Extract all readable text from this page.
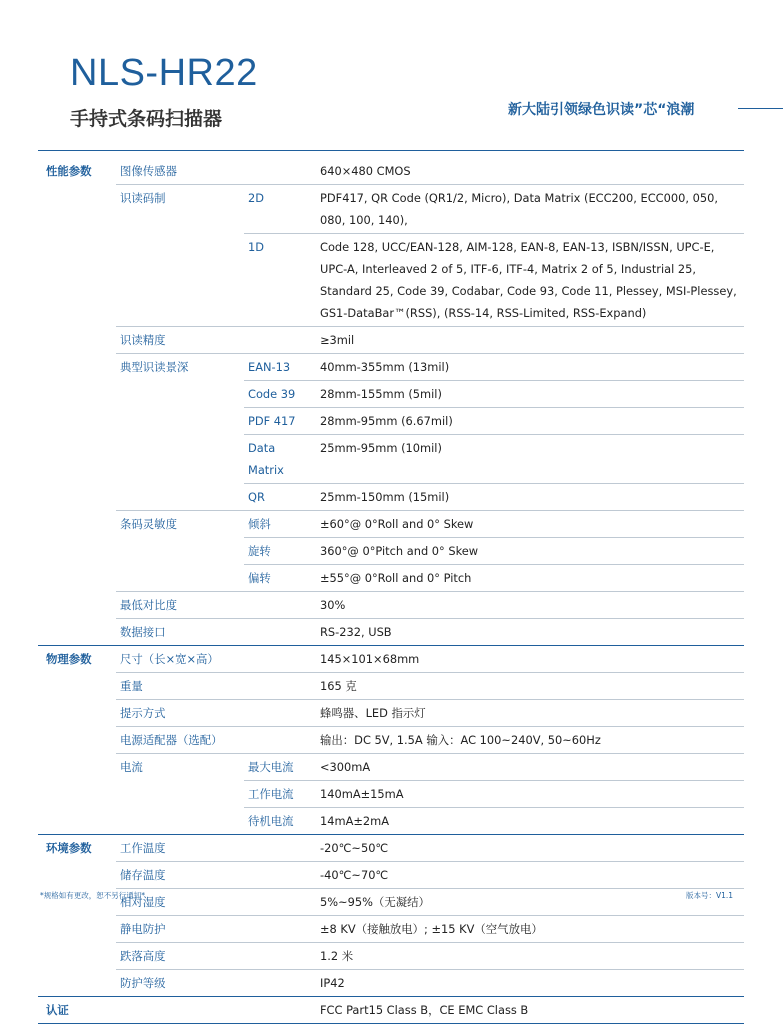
NLS-HR22
手持式条码扫描器	新大陆引领绿色识读”芯“浪潮
性能参数	图像传感器		640×480 CMOS
	识读码制	2D	PDF417, QR Code (QR1/2, Micro), Data Matrix (ECC200, ECC000, 050, 080, 100, 140),
		1D	Code 128, UCC/EAN-128, AIM-128, EAN-8, EAN-13, ISBN/ISSN, UPC-E, UPC-A, Interleaved 2 of 5, ITF-6, ITF-4, Matrix 2 of 5, Industrial 25, Standard 25, Code 39, Codabar, Code 93, Code 11, Plessey, MSI-Plessey, GS1-DataBar™(RSS), (RSS-14, RSS-Limited, RSS-Expand)
	识读精度		≥3mil
	典型识读景深	EAN-13	40mm-355mm (13mil)
		Code 39	28mm-155mm (5mil)
		PDF 417	28mm-95mm (6.67mil)
		Data Matrix	25mm-95mm (10mil)
		QR	25mm-150mm (15mil)
	条码灵敏度	倾斜	±60°@ 0°Roll and 0° Skew
		旋转	360°@ 0°Pitch and 0° Skew
		偏转	±55°@ 0°Roll and 0° Pitch
	最低对比度		30%
	数据接口		RS-232, USB
物理参数	尺寸（长×宽×高）		145×101×68mm
	重量		165 克
	提示方式		蜂鸣器、LED 指示灯
	电源适配器（选配）		输出：DC 5V, 1.5A 输入：AC 100~240V, 50~60Hz
	电流	最大电流	<300mA
		工作电流	140mA±15mA
		待机电流	14mA±2mA
环境参数	工作温度		-20℃~50℃
	储存温度		-40℃~70℃
	相对湿度		5%~95%（无凝结）
	静电防护		±8 KV（接触放电）; ±15 KV（空气放电）
	跌落高度		1.2 米
	防护等级		IP42
认证			FCC Part15 Class B，CE EMC Class B
*规格如有更改，恕不另行通知*	版本号：V1.1
